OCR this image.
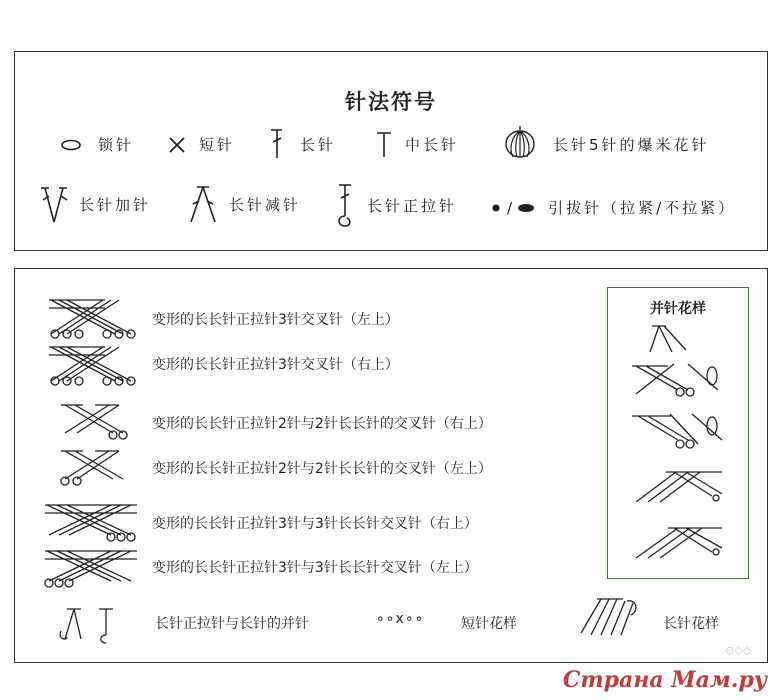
针法符号
锁针	短针	长针	中长针	长针5针的爆米花针
长针加针	长针减针	长针正拉针	/ 引拔针（拉紧/不拉紧）
变形的长长针正拉针3针交叉针（左上）
变形的长长针正拉针3针交叉针（右上）
变形的长长针正拉针2针与2针长长针的交叉针（右上）
变形的长长针正拉针2针与2针长长针的交叉针（左上）
变形的长长针正拉针3针与3针长长针交叉针（右上）
变形的长长针正拉针3针与3针长长针交叉针（左上）
长针正拉针与长针的并针	∘∘x∘∘	短针花样	长针花样
并针花样
⊙◇◇
Страна Мам.ру
